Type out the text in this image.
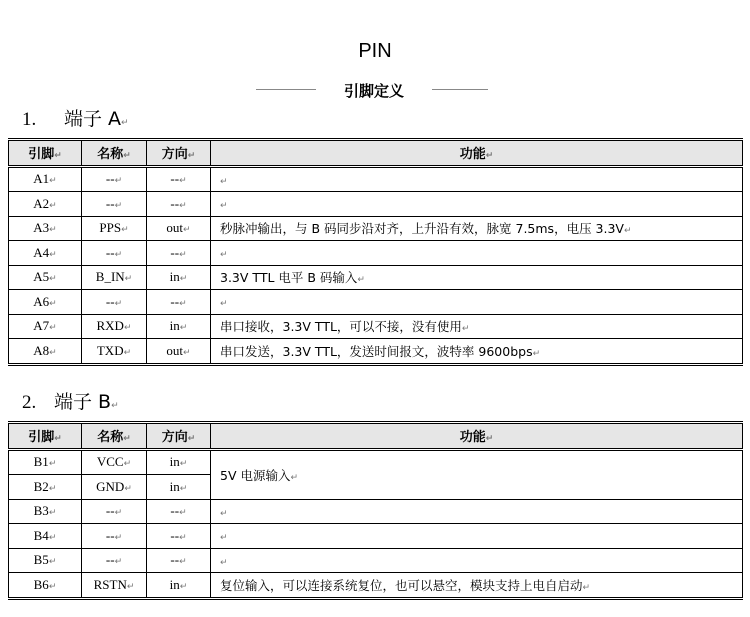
PIN
引脚定义
1. 端子 A↵
引脚↵	名称↵	方向↵	功能↵
A1↵	--↵	--↵	↵
A2↵	--↵	--↵	↵
A3↵	PPS↵	out↵	秒脉冲输出，与 B 码同步沿对齐，上升沿有效，脉宽 7.5ms，电压 3.3V↵
A4↵	--↵	--↵	↵
A5↵	B_IN↵	in↵	3.3V TTL 电平 B 码输入↵
A6↵	--↵	--↵	↵
A7↵	RXD↵	in↵	串口接收，3.3V TTL，可以不接，没有使用↵
A8↵	TXD↵	out↵	串口发送，3.3V TTL，发送时间报文，波特率 9600bps↵
2. 端子 B↵
引脚↵	名称↵	方向↵	功能↵
B1↵	VCC↵	in↵	5V 电源输入↵
B2↵	GND↵	in↵	
B3↵	--↵	--↵	↵
B4↵	--↵	--↵	↵
B5↵	--↵	--↵	↵
B6↵	RSTN↵	in↵	复位输入，可以连接系统复位，也可以悬空，模块支持上电自启动↵
